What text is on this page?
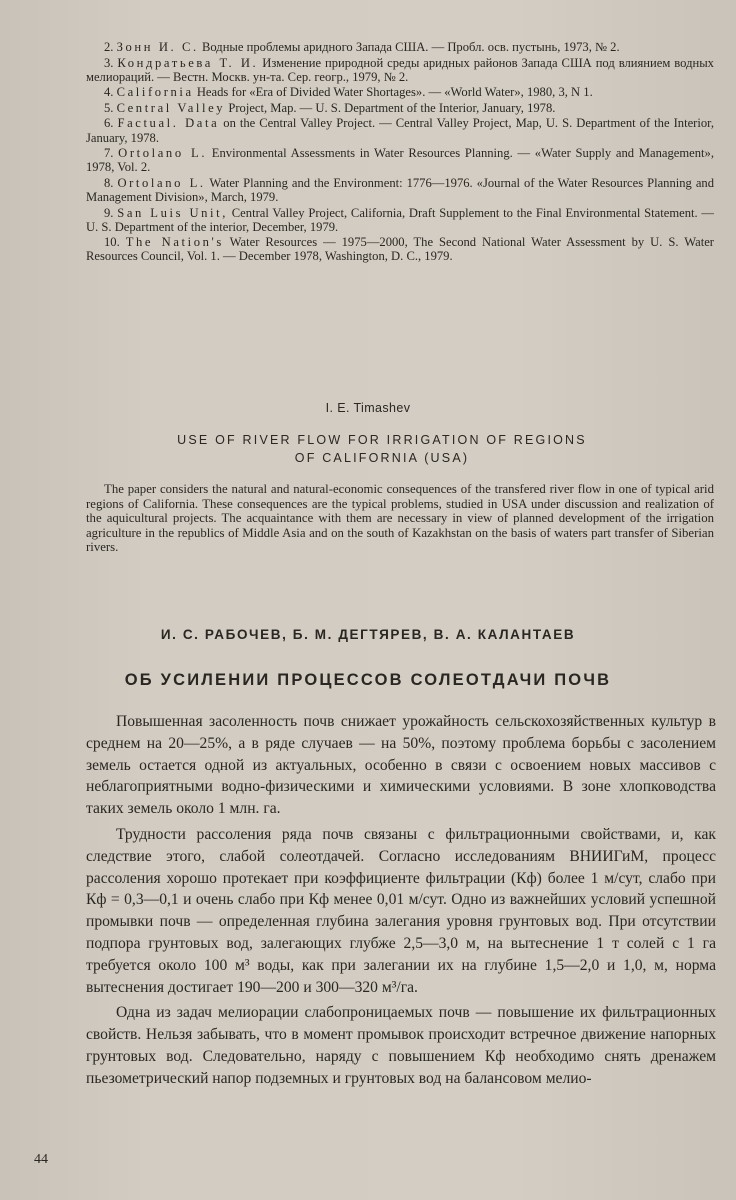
2. Зонн И. С. Водные проблемы аридного Запада США. — Пробл. осв. пустынь, 1973, № 2.

3. Кондратьева Т. И. Изменение природной среды аридных районов Запада США под влиянием водных мелиораций. — Вестн. Москв. ун-та. Сер. геогр., 1979, № 2.

4. California Heads for «Era of Divided Water Shortages». — «World Water», 1980, 3, N 1.

5. Central Valley Project, Map. — U. S. Department of the Interior, January, 1978.

6. Factual. Data on the Central Valley Project. — Central Valley Project, Map, U. S. Department of the Interior, January, 1978.

7. Ortolano L. Environmental Assessments in Water Resources Planning. — «Water Supply and Management», 1978, Vol. 2.

8. Ortolano L. Water Planning and the Environment: 1776—1976. «Journal of the Water Resources Planning and Management Division», March, 1979.

9. San Luis Unit, Central Valley Project, California, Draft Supplement to the Final Environmental Statement. — U. S. Department of the interior, December, 1979.

10. The Nation's Water Resources — 1975—2000, The Second National Water Assessment by U. S. Water Resources Council, Vol. 1. — December 1978, Washington, D. C., 1979.

I. E. Timashev
USE OF RIVER FLOW FOR IRRIGATION OF REGIONS
OF CALIFORNIA (USA)

The paper considers the natural and natural-economic consequences of the transfered river flow in one of typical arid regions of California. These consequences are the typical problems, studied in USA under discussion and realization of the aquicultural projects. The acquaintance with them are necessary in view of planned development of the irrigation agriculture in the republics of Middle Asia and on the south of Kazakhstan on the basis of waters part transfer of Siberian rivers.

И. С. РАБОЧЕВ, Б. М. ДЕГТЯРЕВ, В. А. КАЛАНТАЕВ
ОБ УСИЛЕНИИ ПРОЦЕССОВ СОЛЕОТДАЧИ ПОЧВ

Повышенная засоленность почв снижает урожайность сельскохозяйственных культур в среднем на 20—25%, а в ряде случаев — на 50%, поэтому проблема борьбы с засолением земель остается одной из актуальных, особенно в связи с освоением новых массивов с неблагоприятными водно-физическими и химическими условиями. В зоне хлопководства таких земель около 1 млн. га.

Трудности рассоления ряда почв связаны с фильтрационными свойствами, и, как следствие этого, слабой солеотдачей. Согласно исследованиям ВНИИГиМ, процесс рассоления хорошо протекает при коэффициенте фильтрации (Кф) более 1 м/сут, слабо при Кф = 0,3—0,1 и очень слабо при Кф менее 0,01 м/сут. Одно из важнейших условий успешной промывки почв — определенная глубина залегания уровня грунтовых вод. При отсутствии подпора грунтовых вод, залегающих глубже 2,5—3,0 м, на вытеснение 1 т солей с 1 га требуется около 100 м³ воды, как при залегании их на глубине 1,5—2,0 и 1,0, м, норма вытеснения достигает 190—200 и 300—320 м³/га.

Одна из задач мелиорации слабопроницаемых почв — повышение их фильтрационных свойств. Нельзя забывать, что в момент промывок происходит встречное движение напорных грунтовых вод. Следовательно, наряду с повышением Кф необходимо снять дренажем пьезометрический напор подземных и грунтовых вод на балансовом мелио-

44
